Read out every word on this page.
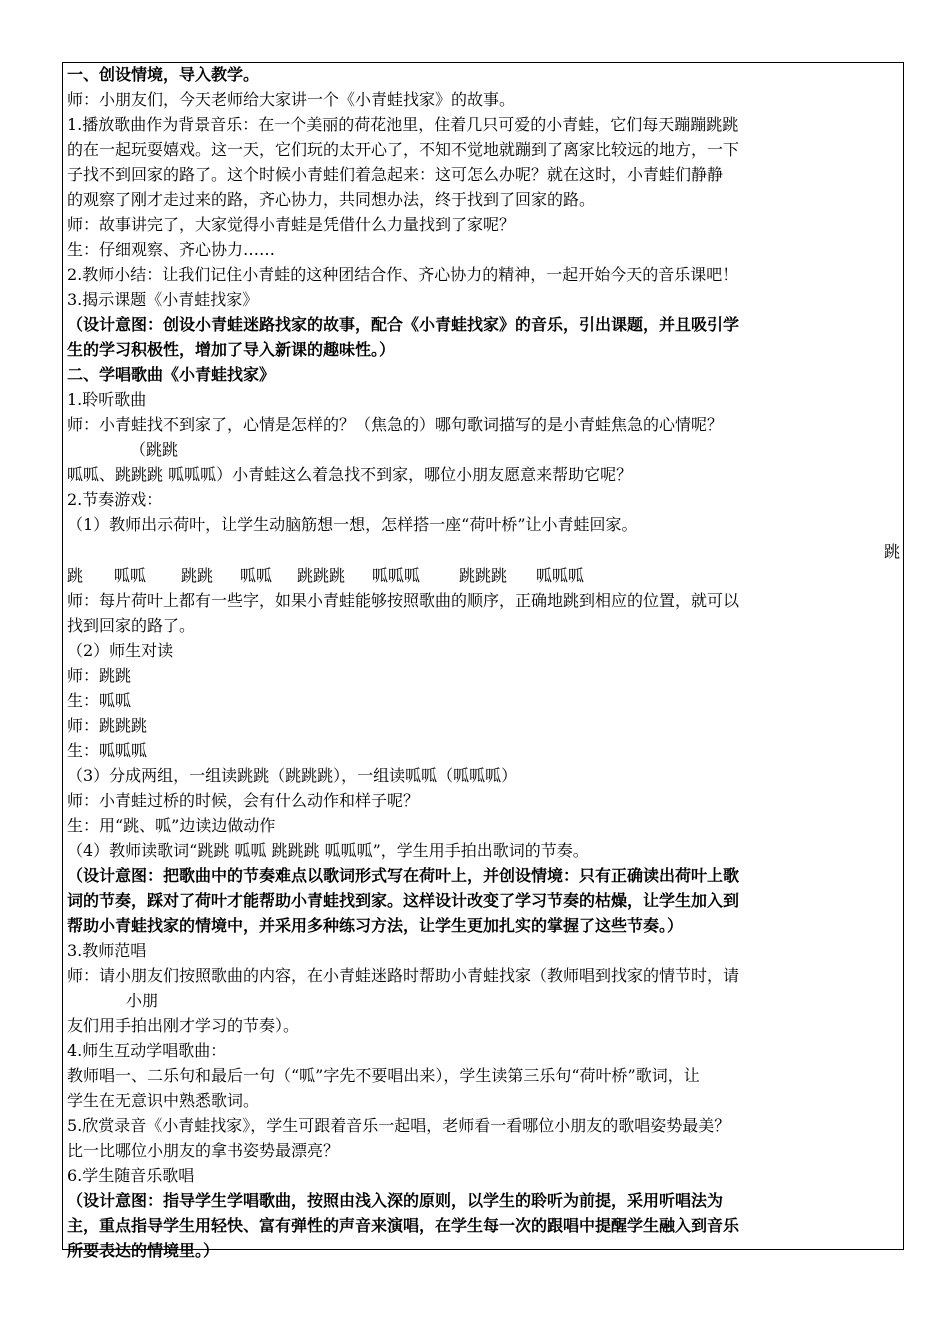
一、创设情境，导入教学。
师：小朋友们，今天老师给大家讲一个《小青蛙找家》的故事。
1.播放歌曲作为背景音乐：在一个美丽的荷花池里，住着几只可爱的小青蛙，它们每天蹦蹦跳跳
的在一起玩耍嬉戏。这一天，它们玩的太开心了，不知不觉地就蹦到了离家比较远的地方，一下
子找不到回家的路了。这个时候小青蛙们着急起来：这可怎么办呢？就在这时，小青蛙们静静
的观察了刚才走过来的路，齐心协力，共同想办法，终于找到了回家的路。
师：故事讲完了，大家觉得小青蛙是凭借什么力量找到了家呢？
生：仔细观察、齐心协力……
2.教师小结：让我们记住小青蛙的这种团结合作、齐心协力的精神，一起开始今天的音乐课吧！
3.揭示课题《小青蛙找家》
（设计意图：创设小青蛙迷路找家的故事，配合《小青蛙找家》的音乐，引出课题，并且吸引学
生的学习积极性，增加了导入新课的趣味性。）
二、学唱歌曲《小青蛙找家》
1.聆听歌曲
师：小青蛙找不到家了，心情是怎样的？（焦急的）哪句歌词描写的是小青蛙焦急的心情呢？
（跳跳
呱呱、跳跳跳 呱呱呱）小青蛙这么着急找不到家，哪位小朋友愿意来帮助它呢？
2.节奏游戏：
（1）教师出示荷叶，让学生动脑筋想一想，怎样搭一座“荷叶桥”让小青蛙回家。
跳
跳 呱呱 跳跳 呱呱 跳跳跳 呱呱呱 跳跳跳 呱呱呱
师：每片荷叶上都有一些字，如果小青蛙能够按照歌曲的顺序，正确地跳到相应的位置，就可以
找到回家的路了。
（2）师生对读
师：跳跳
生：呱呱
师：跳跳跳
生：呱呱呱
（3）分成两组，一组读跳跳（跳跳跳），一组读呱呱（呱呱呱）
师：小青蛙过桥的时候，会有什么动作和样子呢？
生：用“跳、呱”边读边做动作
（4）教师读歌词“跳跳 呱呱 跳跳跳 呱呱呱”，学生用手拍出歌词的节奏。
（设计意图：把歌曲中的节奏难点以歌词形式写在荷叶上，并创设情境：只有正确读出荷叶上歌
词的节奏，踩对了荷叶才能帮助小青蛙找到家。这样设计改变了学习节奏的枯燥，让学生加入到
帮助小青蛙找家的情境中，并采用多种练习方法，让学生更加扎实的掌握了这些节奏。）
3.教师范唱
师：请小朋友们按照歌曲的内容，在小青蛙迷路时帮助小青蛙找家（教师唱到找家的情节时，请
小朋
友们用手拍出刚才学习的节奏）。
4.师生互动学唱歌曲：
教师唱一、二乐句和最后一句（“呱”字先不要唱出来），学生读第三乐句“荷叶桥”歌词，让
学生在无意识中熟悉歌词。
5.欣赏录音《小青蛙找家》，学生可跟着音乐一起唱，老师看一看哪位小朋友的歌唱姿势最美？
比一比哪位小朋友的拿书姿势最漂亮？
6.学生随音乐歌唱
（设计意图：指导学生学唱歌曲，按照由浅入深的原则，以学生的聆听为前提，采用听唱法为
主，重点指导学生用轻快、富有弹性的声音来演唱，在学生每一次的跟唱中提醒学生融入到音乐
所要表达的情境里。）
